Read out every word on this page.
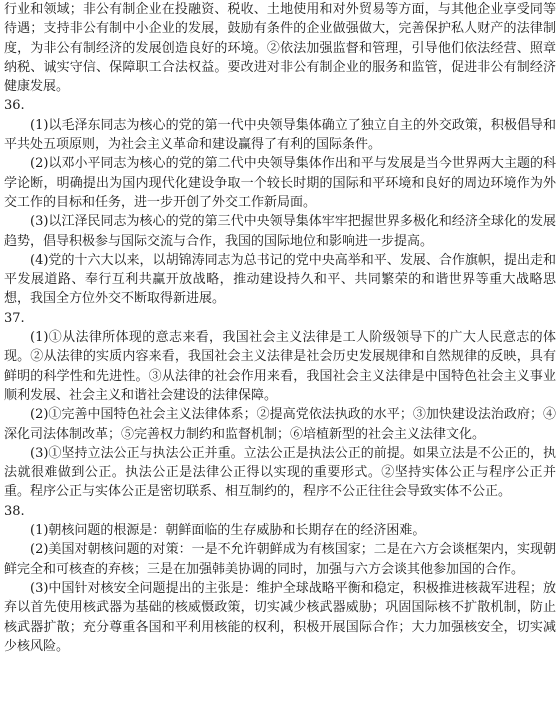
行业和领域；非公有制企业在投融资、税收、土地使用和对外贸易等方面，与其他企业享受同等待遇；支持非公有制中小企业的发展，鼓励有条件的企业做强做大，完善保护私人财产的法律制度，为非公有制经济的发展创造良好的环境。②依法加强监督和管理，引导他们依法经营、照章纳税、诚实守信、保障职工合法权益。要改进对非公有制企业的服务和监管，促进非公有制经济健康发展。

36.

(1)以毛泽东同志为核心的党的第一代中央领导集体确立了独立自主的外交政策，积极倡导和平共处五项原则，为社会主义革命和建设赢得了有利的国际条件。

(2)以邓小平同志为核心的党的第二代中央领导集体作出和平与发展是当今世界两大主题的科学论断，明确提出为国内现代化建设争取一个较长时期的国际和平环境和良好的周边环境作为外交工作的目标和任务，进一步开创了外交工作新局面。

(3)以江泽民同志为核心的党的第三代中央领导集体牢牢把握世界多极化和经济全球化的发展趋势，倡导积极参与国际交流与合作，我国的国际地位和影响进一步提高。

(4)党的十六大以来，以胡锦涛同志为总书记的党中央高举和平、发展、合作旗帜，提出走和平发展道路、奉行互利共赢开放战略，推动建设持久和平、共同繁荣的和谐世界等重大战略思想，我国全方位外交不断取得新进展。

37.

(1)①从法律所体现的意志来看，我国社会主义法律是工人阶级领导下的广大人民意志的体现。②从法律的实质内容来看，我国社会主义法律是社会历史发展规律和自然规律的反映，具有鲜明的科学性和先进性。③从法律的社会作用来看，我国社会主义法律是中国特色社会主义事业顺利发展、社会主义和谐社会建设的法律保障。

(2)①完善中国特色社会主义法律体系；②提高党依法执政的水平；③加快建设法治政府；④深化司法体制改革；⑤完善权力制约和监督机制；⑥培植新型的社会主义法律文化。

(3)①坚持立法公正与执法公正并重。立法公正是执法公正的前提。如果立法是不公正的，执法就很难做到公正。执法公正是法律公正得以实现的重要形式。②坚持实体公正与程序公正并重。程序公正与实体公正是密切联系、相互制约的，程序不公正往往会导致实体不公正。

38.

(1)朝核问题的根源是：朝鲜面临的生存威胁和长期存在的经济困难。

(2)美国对朝核问题的对策：一是不允许朝鲜成为有核国家；二是在六方会谈框架内，实现朝鲜完全和可核查的弃核；三是在加强韩美协调的同时，加强与六方会谈其他参加国的合作。

(3)中国针对核安全问题提出的主张是：维护全球战略平衡和稳定，积极推进核裁军进程；放弃以首先使用核武器为基础的核威慑政策，切实减少核武器威胁；巩固国际核不扩散机制，防止核武器扩散；充分尊重各国和平利用核能的权利，积极开展国际合作；大力加强核安全，切实减少核风险。
